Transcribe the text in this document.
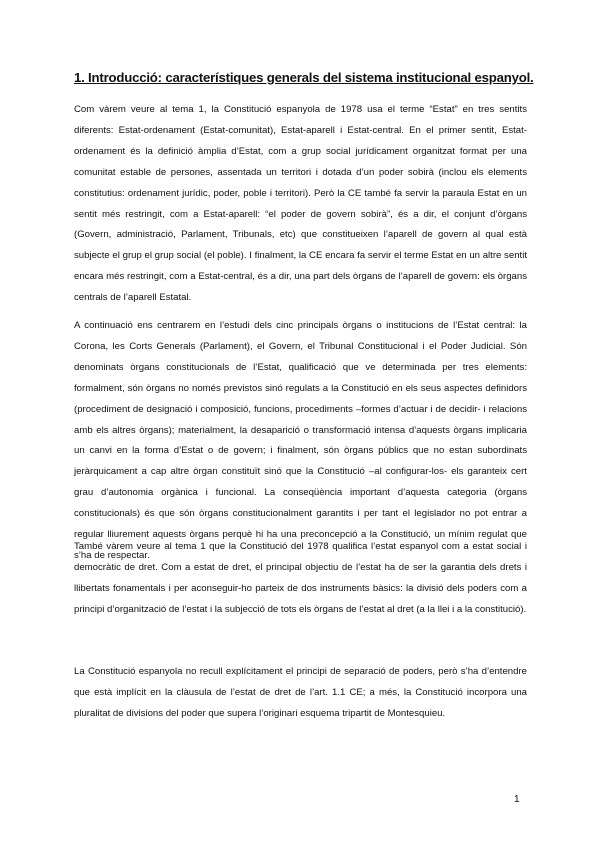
1. Introducció: característiques generals del sistema institucional espanyol.

Com vàrem veure al tema 1, la Constitució espanyola de 1978 usa el terme “Estat” en tres sentits diferents: Estat-ordenament (Estat-comunitat), Estat-aparell i Estat-central. En el primer sentit, Estat-ordenament és la definició àmplia d’Estat, com a grup social jurídicament organitzat format per una comunitat estable de persones, assentada un territori i dotada d’un poder sobirà (inclou els elements constitutius: ordenament jurídic, poder, poble i territori). Però la CE també fa servir la paraula Estat en un sentit més restringit, com a Estat-aparell: “el poder de govern sobirà”, és a dir, el conjunt d’òrgans (Govern, administració, Parlament, Tribunals, etc) que constitueixen l’aparell de govern al qual està subjecte el grup el grup social (el poble). I finalment, la CE encara fa servir el terme Estat en un altre sentit encara més restringit, com a Estat-central, és a dir, una part dels òrgans de l’aparell de govern: els òrgans centrals de l’aparell Estatal.

A continuació ens centrarem en l’estudi dels cinc principals òrgans o institucions de l’Estat central: la Corona, les Corts Generals (Parlament), el Govern, el Tribunal Constitucional i el Poder Judicial. Són denominats òrgans constitucionals de l’Estat, qualificació que ve determinada per tres elements: formalment, són òrgans no només previstos sinó regulats a la Constitució en els seus aspectes definidors (procediment de designació i composició, funcions, procediments –formes d’actuar i de decidir- i relacions amb els altres òrgans); materialment, la desaparició o transformació intensa d’aquests òrgans implicaria un canvi en la forma d’Estat o de govern; i finalment, són òrgans públics que no estan subordinats jeràrquicament a cap altre òrgan constituït sinó que la Constitució –al configurar-los- els garanteix cert grau d’autonomia orgànica i funcional. La conseqüència important d’aquesta categoria (òrgans constitucionals) és que són òrgans constitucionalment garantits i per tant el legislador no pot entrar a regular lliurement aquests òrgans perquè hi ha una preconcepció a la Constitució, un mínim regulat que s’ha de respectar.

També vàrem veure al tema 1 que la Constitució del 1978 qualifica l’estat espanyol com a estat social i democràtic de dret. Com a estat de dret, el principal objectiu de l’estat ha de ser la garantia dels drets i llibertats fonamentals i per aconseguir-ho parteix de dos instruments bàsics: la divisió dels poders com a principi d’organització de l’estat i la subjecció de tots els òrgans de l’estat al dret (a la llei i a la constitució).

La Constitució espanyola no recull explícitament el principi de separació de poders, però s’ha d’entendre que està implícit en la clàusula de l’estat de dret de l’art. 1.1 CE; a més, la Constitució incorpora una pluralitat de divisions del poder que supera l’originari esquema tripartit de Montesquieu.

1
